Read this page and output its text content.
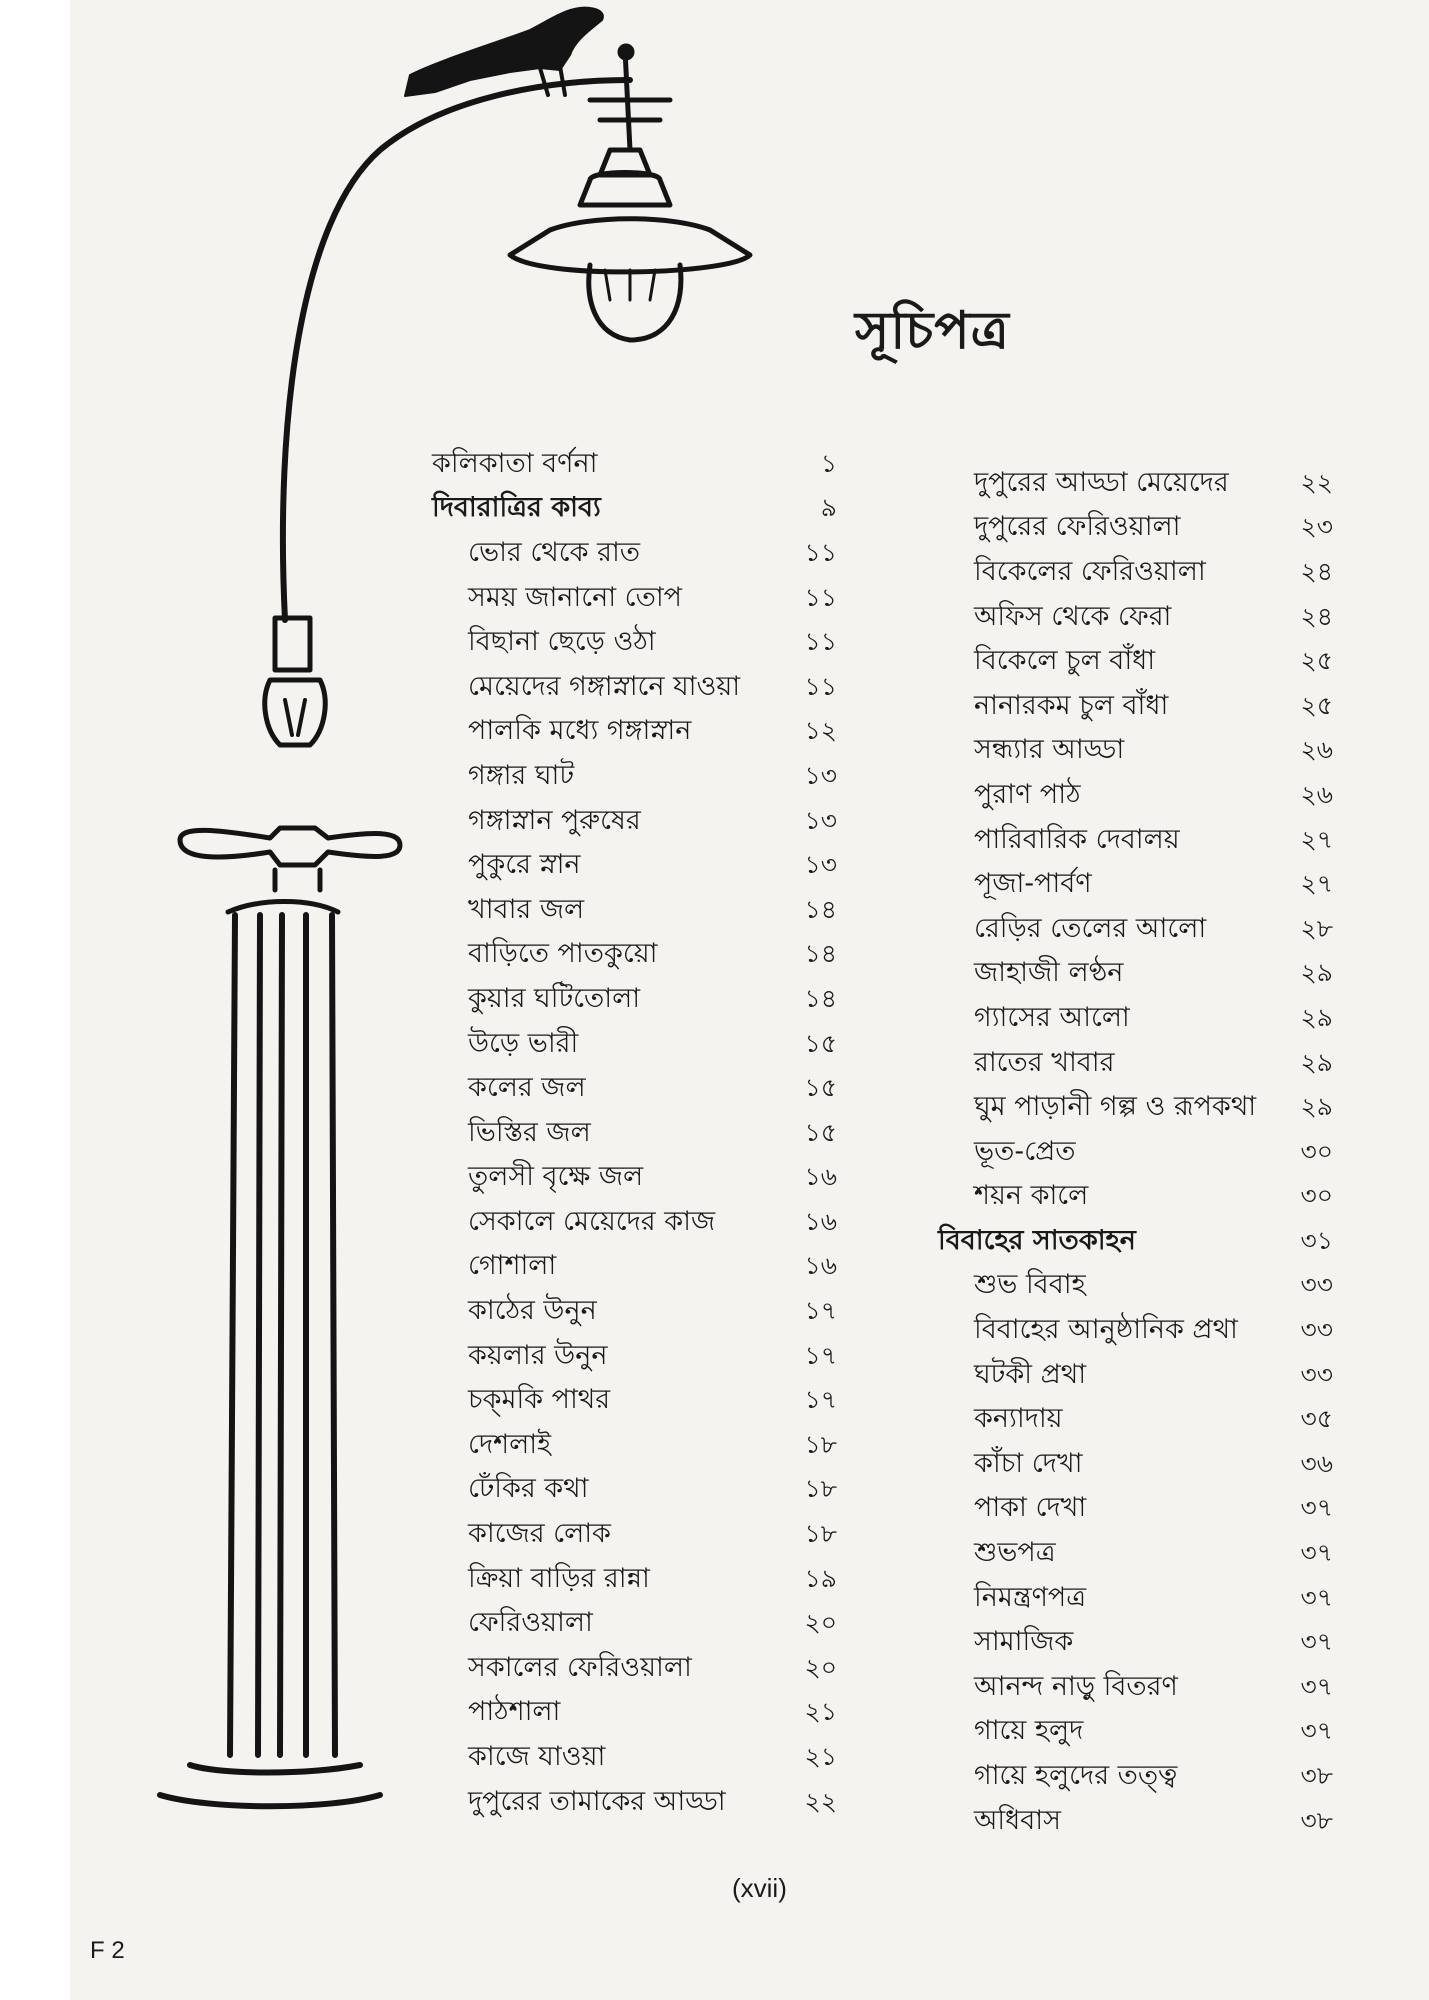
সূচিপত্র
কলিকাতা বর্ণনা	১
দিবারাত্রির কাব্য	৯
ভোর থেকে রাত	১১
সময় জানানো তোপ	১১
বিছানা ছেড়ে ওঠা	১১
মেয়েদের গঙ্গাস্নানে যাওয়া	১১
পালকি মধ্যে গঙ্গাস্নান	১২
গঙ্গার ঘাট	১৩
গঙ্গাস্নান পুরুষের	১৩
পুকুরে স্নান	১৩
খাবার জল	১৪
বাড়িতে পাতকুয়ো	১৪
কুয়ার ঘটিতোলা	১৪
উড়ে ভারী	১৫
কলের জল	১৫
ভিস্তির জল	১৫
তুলসী বৃক্ষে জল	১৬
সেকালে মেয়েদের কাজ	১৬
গোশালা	১৬
কাঠের উনুন	১৭
কয়লার উনুন	১৭
চক্‌মকি পাথর	১৭
দেশলাই	১৮
ঢেঁকির কথা	১৮
কাজের লোক	১৮
ক্রিয়া বাড়ির রান্না	১৯
ফেরিওয়ালা	২০
সকালের ফেরিওয়ালা	২০
পাঠশালা	২১
কাজে যাওয়া	২১
দুপুরের তামাকের আড্ডা	২২
দুপুরের আড্ডা মেয়েদের	২২
দুপুরের ফেরিওয়ালা	২৩
বিকেলের ফেরিওয়ালা	২৪
অফিস থেকে ফেরা	২৪
বিকেলে চুল বাঁধা	২৫
নানারকম চুল বাঁধা	২৫
সন্ধ্যার আড্ডা	২৬
পুরাণ পাঠ	২৬
পারিবারিক দেবালয়	২৭
পূজা-পার্বণ	২৭
রেড়ির তেলের আলো	২৮
জাহাজী লণ্ঠন	২৯
গ্যাসের আলো	২৯
রাতের খাবার	২৯
ঘুম পাড়ানী গল্প ও রূপকথা	২৯
ভূত-প্রেত	৩০
শয়ন কালে	৩০
বিবাহের সাতকাহন	৩১
শুভ বিবাহ	৩৩
বিবাহের আনুষ্ঠানিক প্রথা	৩৩
ঘটকী প্রথা	৩৩
কন্যাদায়	৩৫
কাঁচা দেখা	৩৬
পাকা দেখা	৩৭
শুভপত্র	৩৭
নিমন্ত্রণপত্র	৩৭
সামাজিক	৩৭
আনন্দ নাড়ু বিতরণ	৩৭
গায়ে হলুদ	৩৭
গায়ে হলুদের তত্ত্ব	৩৮
অধিবাস	৩৮
(xvii)
F 2
